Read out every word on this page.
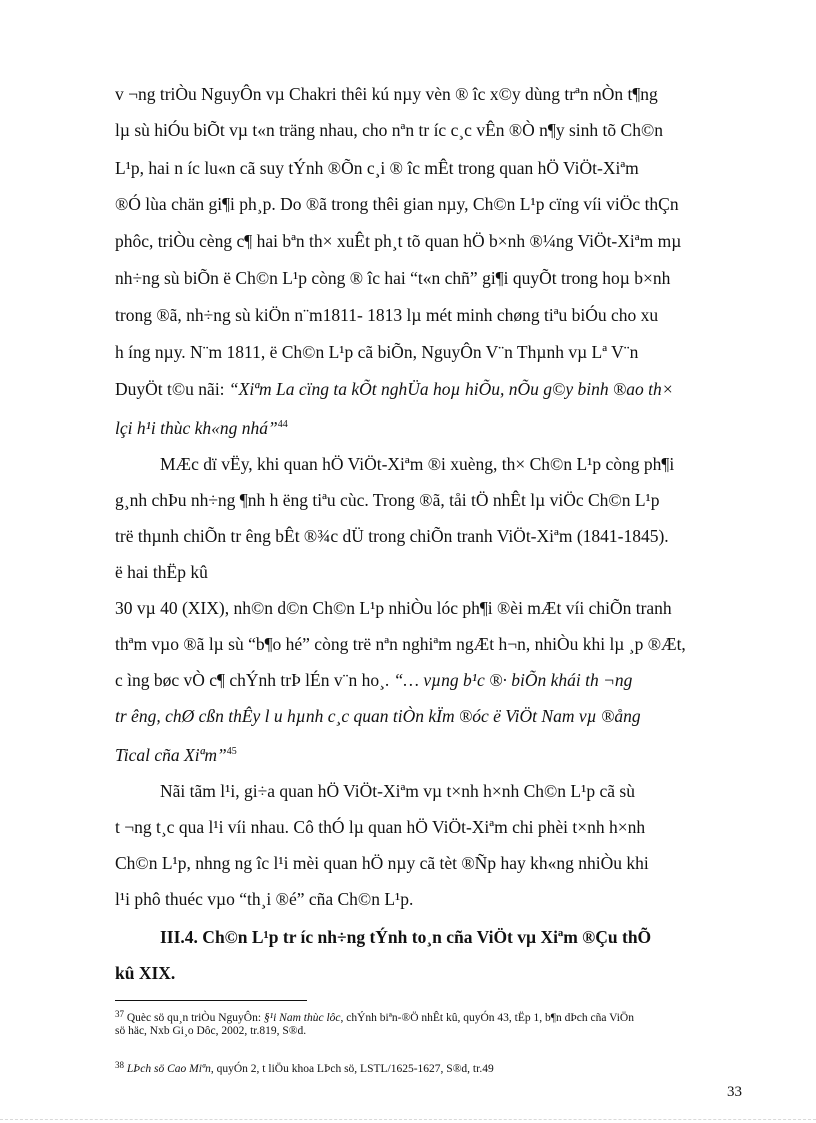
v ¬ng triÒu NguyÔn vµ Chakri thêi kú nµy vèn ® îc x©y dùng trªn nÒn t¶ng
lµ sù hiÓu biÕt vµ t«n träng nhau, cho nªn tr íc c¸c vÊn ®Ò n¶y sinh tõ Ch©n
L¹p, hai n íc lu«n cã suy tÝnh ®Õn c¸i ® îc mÊt trong quan hÖ ViÖt-Xiªm
®Ó lùa chän gi¶i ph¸p. Do ®ã trong thêi gian nµy, Ch©n L¹p cïng víi viÖc thÇn
phôc, triÒu cèng c¶ hai bªn th× xuÊt ph¸t tõ quan hÖ b×nh ®¼ng ViÖt-Xiªm mµ
nh÷ng sù biÕn ë Ch©n L¹p còng ® îc hai “t«n chñ” gi¶i quyÕt trong hoµ b×nh
trong ®ã, nh÷ng sù kiÖn n¨m1811- 1813 lµ mét minh chøng tiªu biÓu cho xu
h íng nµy. N¨m 1811, ë Ch©n L¹p cã biÕn, NguyÔn V¨n Thµnh vµ Lª V¨n
DuyÖt t©u nãi: “Xiªm La cïng ta kÕt nghÜa hoµ hiÕu, nÕu g©y binh ®ao th×
lçi h¹i thùc kh«ng nhá”$^{44}$
MÆc dï vËy, khi quan hÖ ViÖt-Xiªm ®i xuèng, th× Ch©n L¹p còng ph¶i
g¸nh chÞu nh÷ng ¶nh h ëng tiªu cùc. Trong ®ã, tåi tÖ nhÊt lµ viÖc Ch©n L¹p
trë thµnh chiÕn tr êng bÊt ®¾c dÜ trong chiÕn tranh ViÖt-Xiªm (1841-1845).
ë hai thËp kû
30 vµ 40 (XIX), nh©n d©n Ch©n L¹p nhiÒu lóc ph¶i ®èi mÆt víi chiÕn tranh
thªm vµo ®ã lµ sù “b¶o hé” còng trë nªn nghiªm ngÆt h¬n, nhiÒu khi lµ ¸p ®Æt,
c ìng bøc vÒ c¶ chÝnh trÞ lÉn v¨n ho¸. “… vµng b¹c ®· biÕn khái th ¬ng
tr êng, chØ cßn thÊy l u hµnh c¸c quan tiÒn kÏm ®óc ë ViÖt Nam vµ ®ång
Tical cña Xiªm”$^{45}$
Nãi tãm l¹i, gi÷a quan hÖ ViÖt-Xiªm vµ t×nh h×nh Ch©n L¹p cã sù
t ¬ng t¸c qua l¹i víi nhau. Cô thÓ lµ quan hÖ ViÖt-Xiªm chi phèi t×nh h×nh
Ch©n L¹p, nhng ng îc l¹i mèi quan hÖ nµy cã tèt ®Ñp hay kh«ng nhiÒu khi
l¹i phô thuéc vµo “th¸i ®é” cña Ch©n L¹p.
III.4. Ch©n L¹p tr íc nh÷ng tÝnh to¸n cña ViÖt vµ Xiªm ®Çu thÕ
kû XIX.
$^{37}$ Quèc sö qu¸n triÒu NguyÔn: §¹i Nam thùc lôc, chÝnh biªn-®Ö nhÊt kû, quyÓn 43, tËp 1, b¶n dÞch cña ViÖn
sö häc, Nxb Gi¸o Dôc, 2002, tr.819, S®d.
$^{38}$ LÞch sö Cao Miªn, quyÓn 2, t liÖu khoa LÞch sö, LSTL/1625-1627, S®d, tr.49
33
